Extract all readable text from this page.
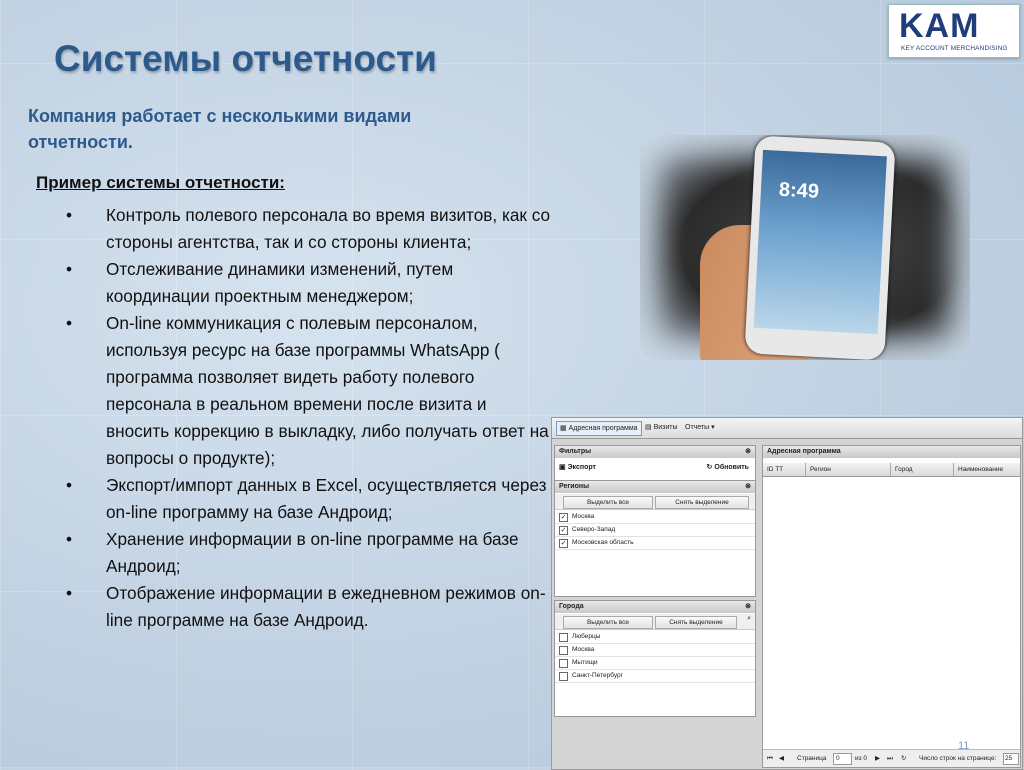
Системы отчетности

Компания работает с несколькими видами отчетности.

Пример системы отчетности:

• Контроль полевого персонала во время визитов, как со стороны агентства, так и со стороны клиента;
• Отслеживание динамики изменений, путем координации проектным менеджером;
• On-line коммуникация с полевым персоналом, используя ресурс на базе программы WhatsApp ( программа позволяет видеть работу полевого персонала в реальном времени после визита и вносить коррекцию в выкладку, либо получать ответ на вопросы о продукте);
• Экспорт/импорт данных в Excel, осуществляется через on-line программу на базе Андроид;
• Хранение информации в on-line программе на базе Андроид;
• Отображение информации в ежедневном режимов on-line программе на базе Андроид.
KAM
KEY ACCOUNT MERCHANDISING
8:49
▦ Адресная программа	▤ Визиты	Отчеты ▾
Фильтры	⊗
▣ Экспорт	↻ Обновить
Регионы	⊗
Выделить все	Снять выделение
✓ Москва
✓ Северо-Запад
✓ Московская область
Города	⊗
Выделить все	Снять выделение
⌕
Люберцы
Москва
Мытищи
Санкт-Петербург
Адресная программа
ID TT	Регион	Город	Наименование
⏮ ◀ Страница	0	из 0 ▶ ⏭ ↻ Число строк на странице:	25
11
